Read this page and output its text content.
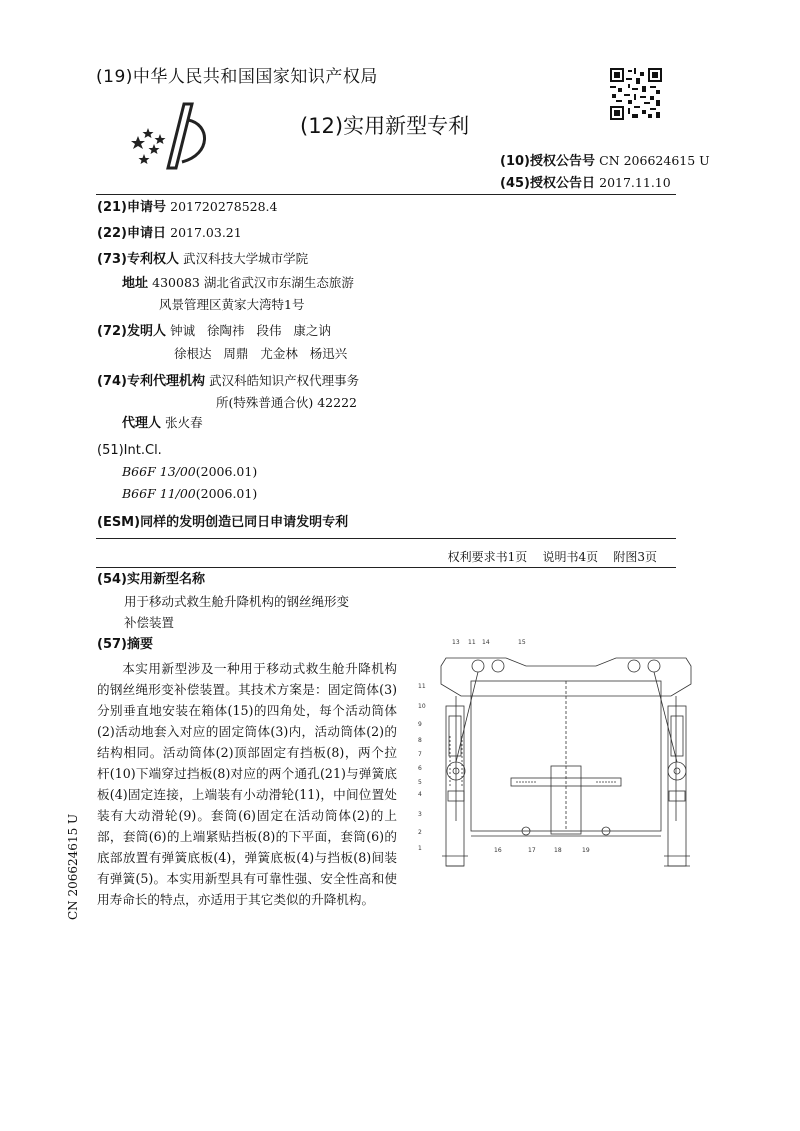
(19)中华人民共和国国家知识产权局
(12)实用新型专利
(10)授权公告号 CN 206624615 U
(45)授权公告日 2017.11.10
(21)申请号 201720278528.4
(22)申请日 2017.03.21
(73)专利权人 武汉科技大学城市学院
地址 430083 湖北省武汉市东湖生态旅游
风景管理区黄家大湾特1号
(72)发明人 钟诚   徐陶祎   段伟   康之讷
徐根达   周鼎   尤金林   杨迅兴
(74)专利代理机构 武汉科皓知识产权代理事务
所(特殊普通合伙) 42222
代理人 张火春
(51)Int.Cl.
B66F 13/00(2006.01)
B66F 11/00(2006.01)
(ESM)同样的发明创造已同日申请发明专利
权利要求书1页    说明书4页    附图3页
(54)实用新型名称
用于移动式救生舱升降机构的钢丝绳形变
补偿装置
(57)摘要
本实用新型涉及一种用于移动式救生舱升降机构的钢丝绳形变补偿装置。其技术方案是：固定筒体(3)分别垂直地安装在箱体(15)的四角处，每个活动筒体(2)活动地套入对应的固定筒体(3)内，活动筒体(2)的结构相同。活动筒体(2)顶部固定有挡板(8)，两个拉杆(10)下端穿过挡板(8)对应的两个通孔(21)与弹簧底板(4)固定连接，上端装有小动滑轮(11)，中间位置处装有大动滑轮(9)。套筒(6)固定在活动筒体(2)的上部，套筒(6)的上端紧贴挡板(8)的下平面，套筒(6)的底部放置有弹簧底板(4)，弹簧底板(4)与挡板(8)间装有弹簧(5)。本实用新型具有可靠性强、安全性高和使用寿命长的特点，亦适用于其它类似的升降机构。
CN 206624615 U
13 11 14	15
11
10
9
8
7
6
5
4
3
2
1	16	17	18	19
